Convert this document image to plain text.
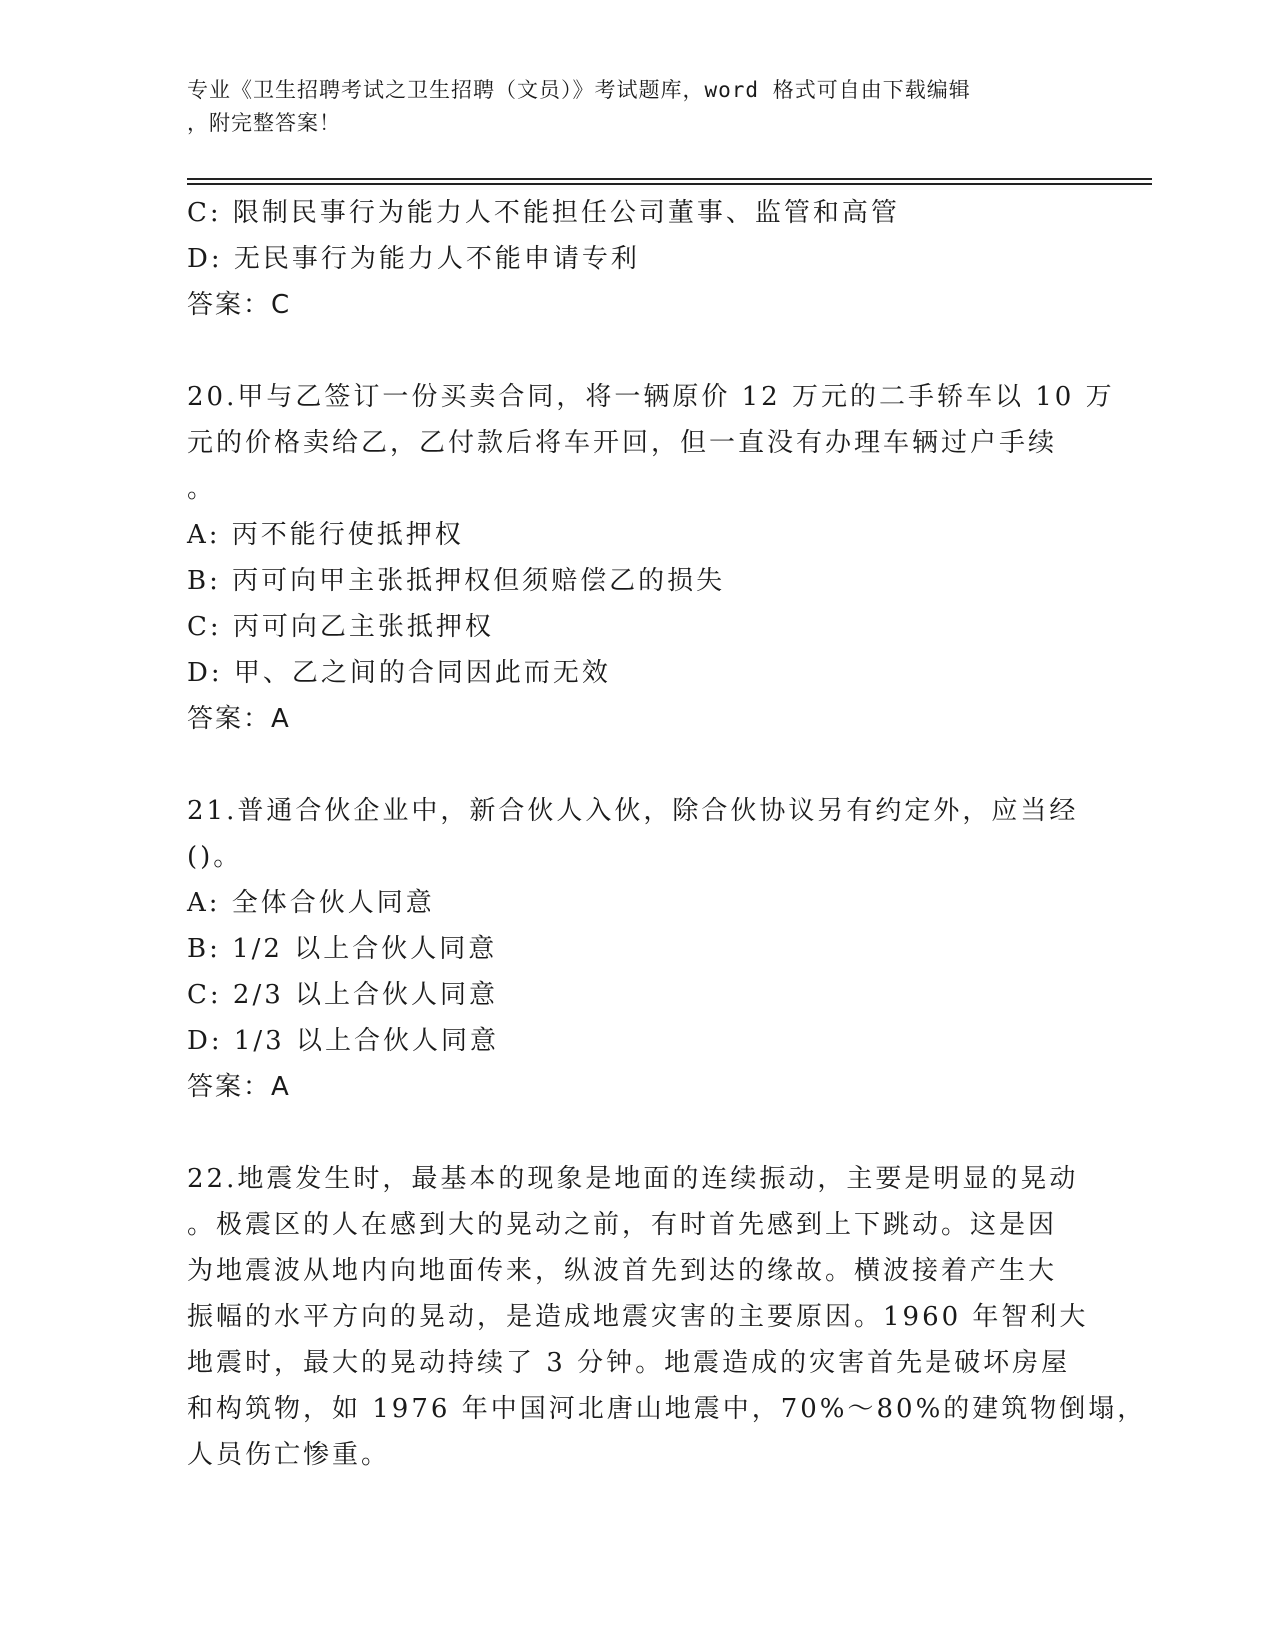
专业《卫生招聘考试之卫生招聘（文员）》考试题库，word 格式可自由下载编辑
，附完整答案！
C: 限制民事行为能力人不能担任公司董事、监管和高管
D: 无民事行为能力人不能申请专利
答案：C
20.甲与乙签订一份买卖合同，将一辆原价 12 万元的二手轿车以 10 万
元的价格卖给乙，乙付款后将车开回，但一直没有办理车辆过户手续
。
A: 丙不能行使抵押权
B: 丙可向甲主张抵押权但须赔偿乙的损失
C: 丙可向乙主张抵押权
D: 甲、乙之间的合同因此而无效
答案：A
21.普通合伙企业中，新合伙人入伙，除合伙协议另有约定外，应当经
()。
A: 全体合伙人同意
B: 1/2 以上合伙人同意
C: 2/3 以上合伙人同意
D: 1/3 以上合伙人同意
答案：A
22.地震发生时，最基本的现象是地面的连续振动，主要是明显的晃动
。极震区的人在感到大的晃动之前，有时首先感到上下跳动。这是因
为地震波从地内向地面传来，纵波首先到达的缘故。横波接着产生大
振幅的水平方向的晃动，是造成地震灾害的主要原因。1960 年智利大
地震时，最大的晃动持续了 3 分钟。地震造成的灾害首先是破坏房屋
和构筑物，如 1976 年中国河北唐山地震中，70%～80%的建筑物倒塌，
人员伤亡惨重。
